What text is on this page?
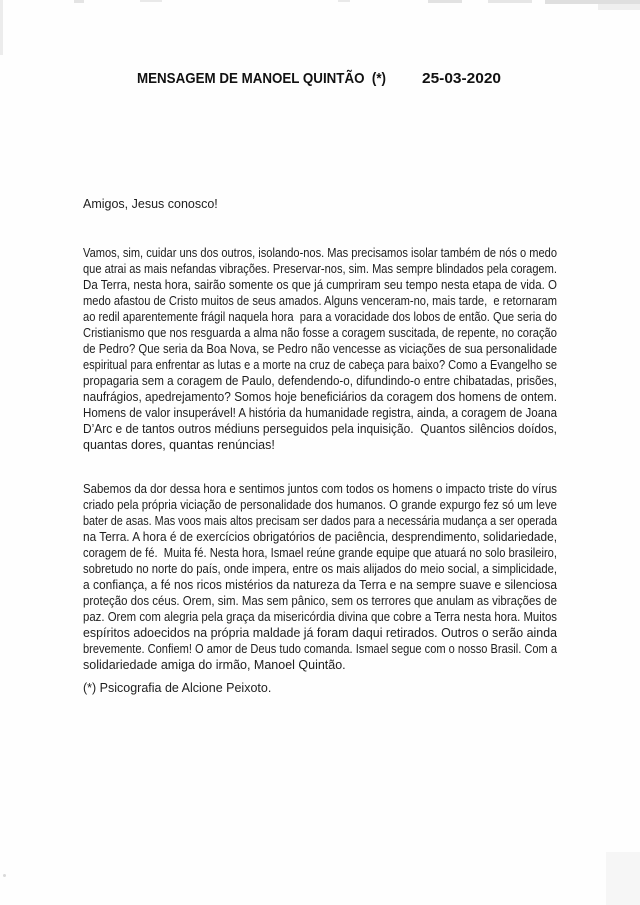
MENSAGEM DE MANOEL QUINTÃO  (*) 25-03-2020
Amigos, Jesus conosco!
Vamos, sim, cuidar uns dos outros, isolando-nos. Mas precisamos isolar também de nós o medo
que atrai as mais nefandas vibrações. Preservar-nos, sim. Mas sempre blindados pela coragem.
Da Terra, nesta hora, sairão somente os que já cumpriram seu tempo nesta etapa de vida. O
medo afastou de Cristo muitos de seus amados. Alguns venceram-no, mais tarde,  e retornaram
ao redil aparentemente frágil naquela hora  para a voracidade dos lobos de então. Que seria do
Cristianismo que nos resguarda a alma não fosse a coragem suscitada, de repente, no coração
de Pedro? Que seria da Boa Nova, se Pedro não vencesse as viciações de sua personalidade
espiritual para enfrentar as lutas e a morte na cruz de cabeça para baixo? Como a Evangelho se
propagaria sem a coragem de Paulo, defendendo-o, difundindo-o entre chibatadas, prisões,
naufrágios, apedrejamento? Somos hoje beneficiários da coragem dos homens de ontem.
Homens de valor insuperável! A história da humanidade registra, ainda, a coragem de Joana
D’Arc e de tantos outros médiuns perseguidos pela inquisição.  Quantos silêncios doídos,
quantas dores, quantas renúncias!
Sabemos da dor dessa hora e sentimos juntos com todos os homens o impacto triste do vírus
criado pela própria viciação de personalidade dos humanos. O grande expurgo fez só um leve
bater de asas. Mas voos mais altos precisam ser dados para a necessária mudança a ser operada
na Terra. A hora é de exercícios obrigatórios de paciência, desprendimento, solidariedade,
coragem de fé.  Muita fé. Nesta hora, Ismael reúne grande equipe que atuará no solo brasileiro,
sobretudo no norte do país, onde impera, entre os mais alijados do meio social, a simplicidade,
a confiança, a fé nos ricos mistérios da natureza da Terra e na sempre suave e silenciosa
proteção dos céus. Orem, sim. Mas sem pânico, sem os terrores que anulam as vibrações de
paz. Orem com alegria pela graça da misericórdia divina que cobre a Terra nesta hora. Muitos
espíritos adoecidos na própria maldade já foram daqui retirados. Outros o serão ainda
brevemente. Confiem! O amor de Deus tudo comanda. Ismael segue com o nosso Brasil. Com a
solidariedade amiga do irmão, Manoel Quintão.
(*) Psicografia de Alcione Peixoto.
